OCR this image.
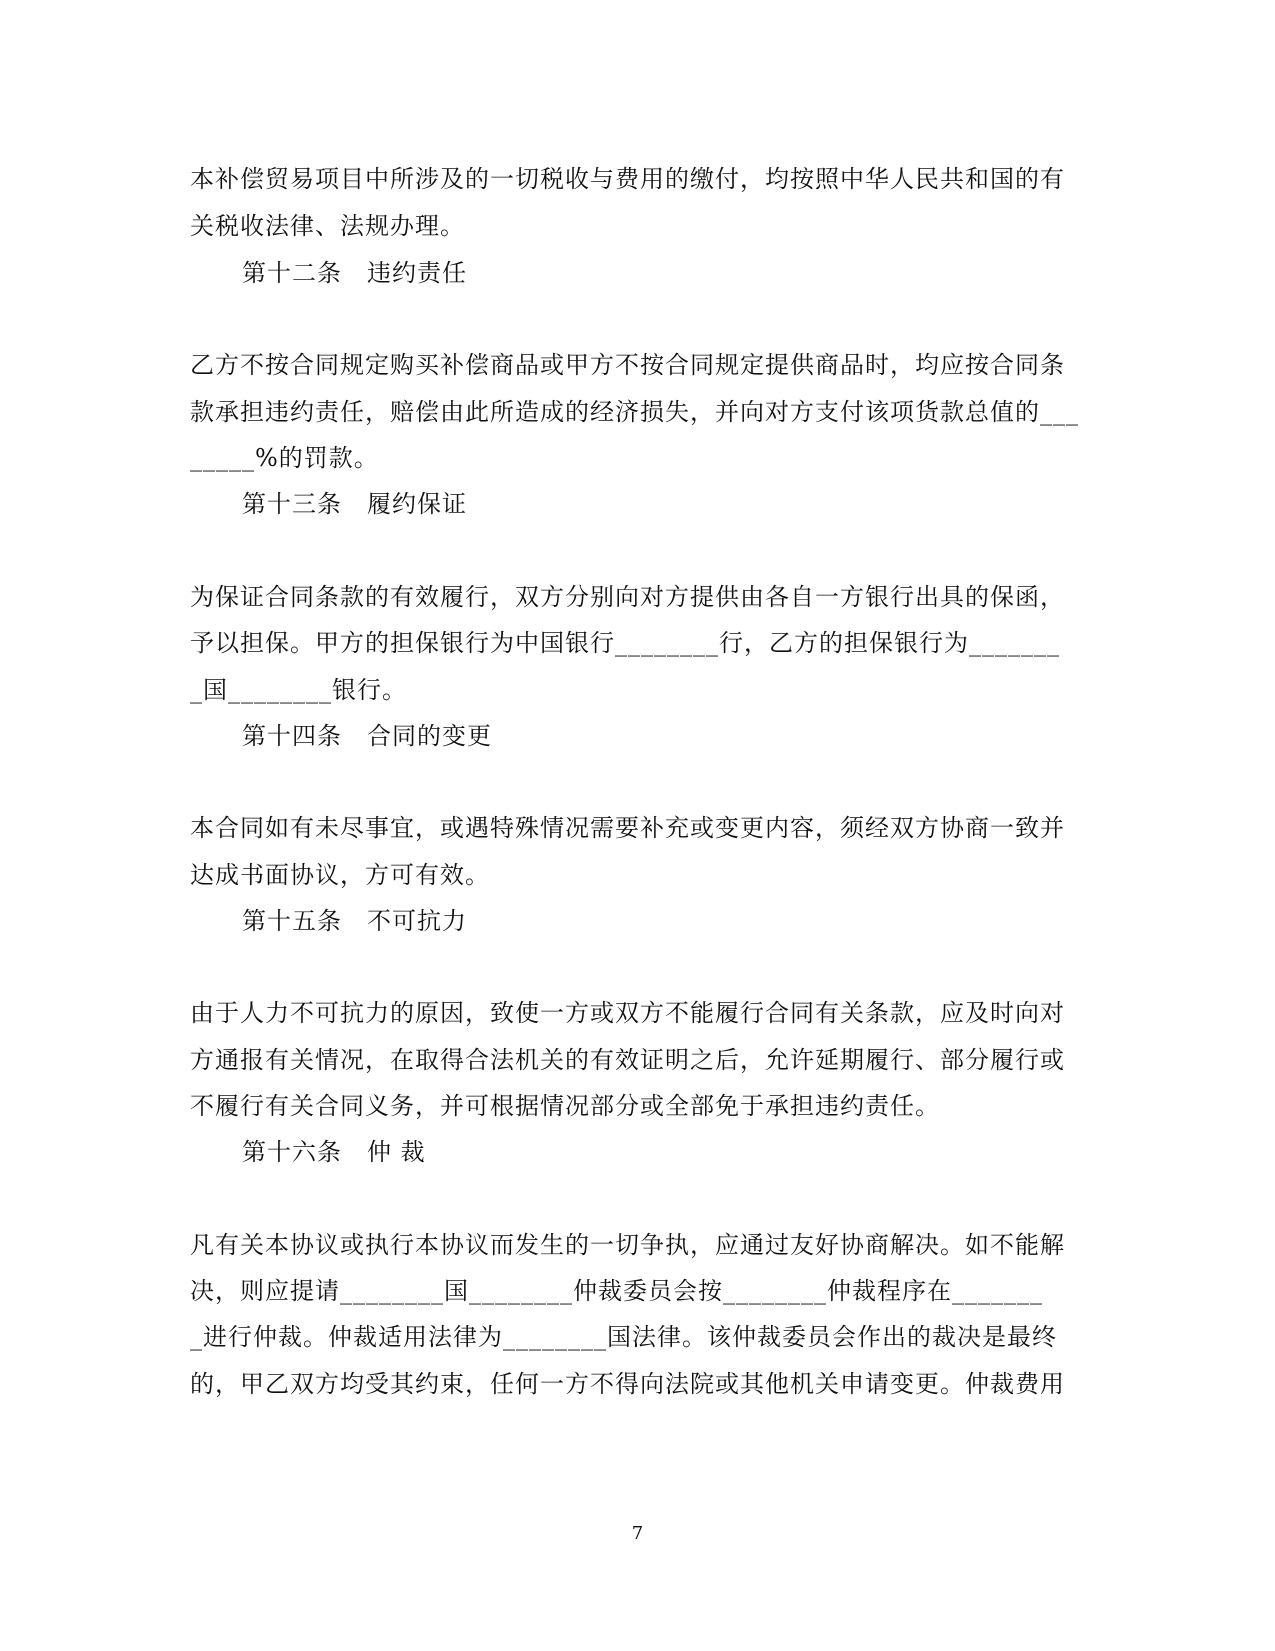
本补偿贸易项目中所涉及的一切税收与费用的缴付，均按照中华人民共和国的有
关税收法律、法规办理。
第十二条　违约责任
乙方不按合同规定购买补偿商品或甲方不按合同规定提供商品时，均应按合同条
款承担违约责任，赔偿由此所造成的经济损失，并向对方支付该项货款总值的___
_____%的罚款。
第十三条　履约保证
为保证合同条款的有效履行，双方分别向对方提供由各自一方银行出具的保函，
予以担保。甲方的担保银行为中国银行________行，乙方的担保银行为_______
_国________银行。
第十四条　合同的变更
本合同如有未尽事宜，或遇特殊情况需要补充或变更内容，须经双方协商一致并
达成书面协议，方可有效。
第十五条　不可抗力
由于人力不可抗力的原因，致使一方或双方不能履行合同有关条款，应及时向对
方通报有关情况，在取得合法机关的有效证明之后，允许延期履行、部分履行或
不履行有关合同义务，并可根据情况部分或全部免于承担违约责任。
第十六条　仲 裁
凡有关本协议或执行本协议而发生的一切争执，应通过友好协商解决。如不能解
决，则应提请________国________仲裁委员会按________仲裁程序在_______
_进行仲裁。仲裁适用法律为________国法律。该仲裁委员会作出的裁决是最终
的，甲乙双方均受其约束，任何一方不得向法院或其他机关申请变更。仲裁费用
7
